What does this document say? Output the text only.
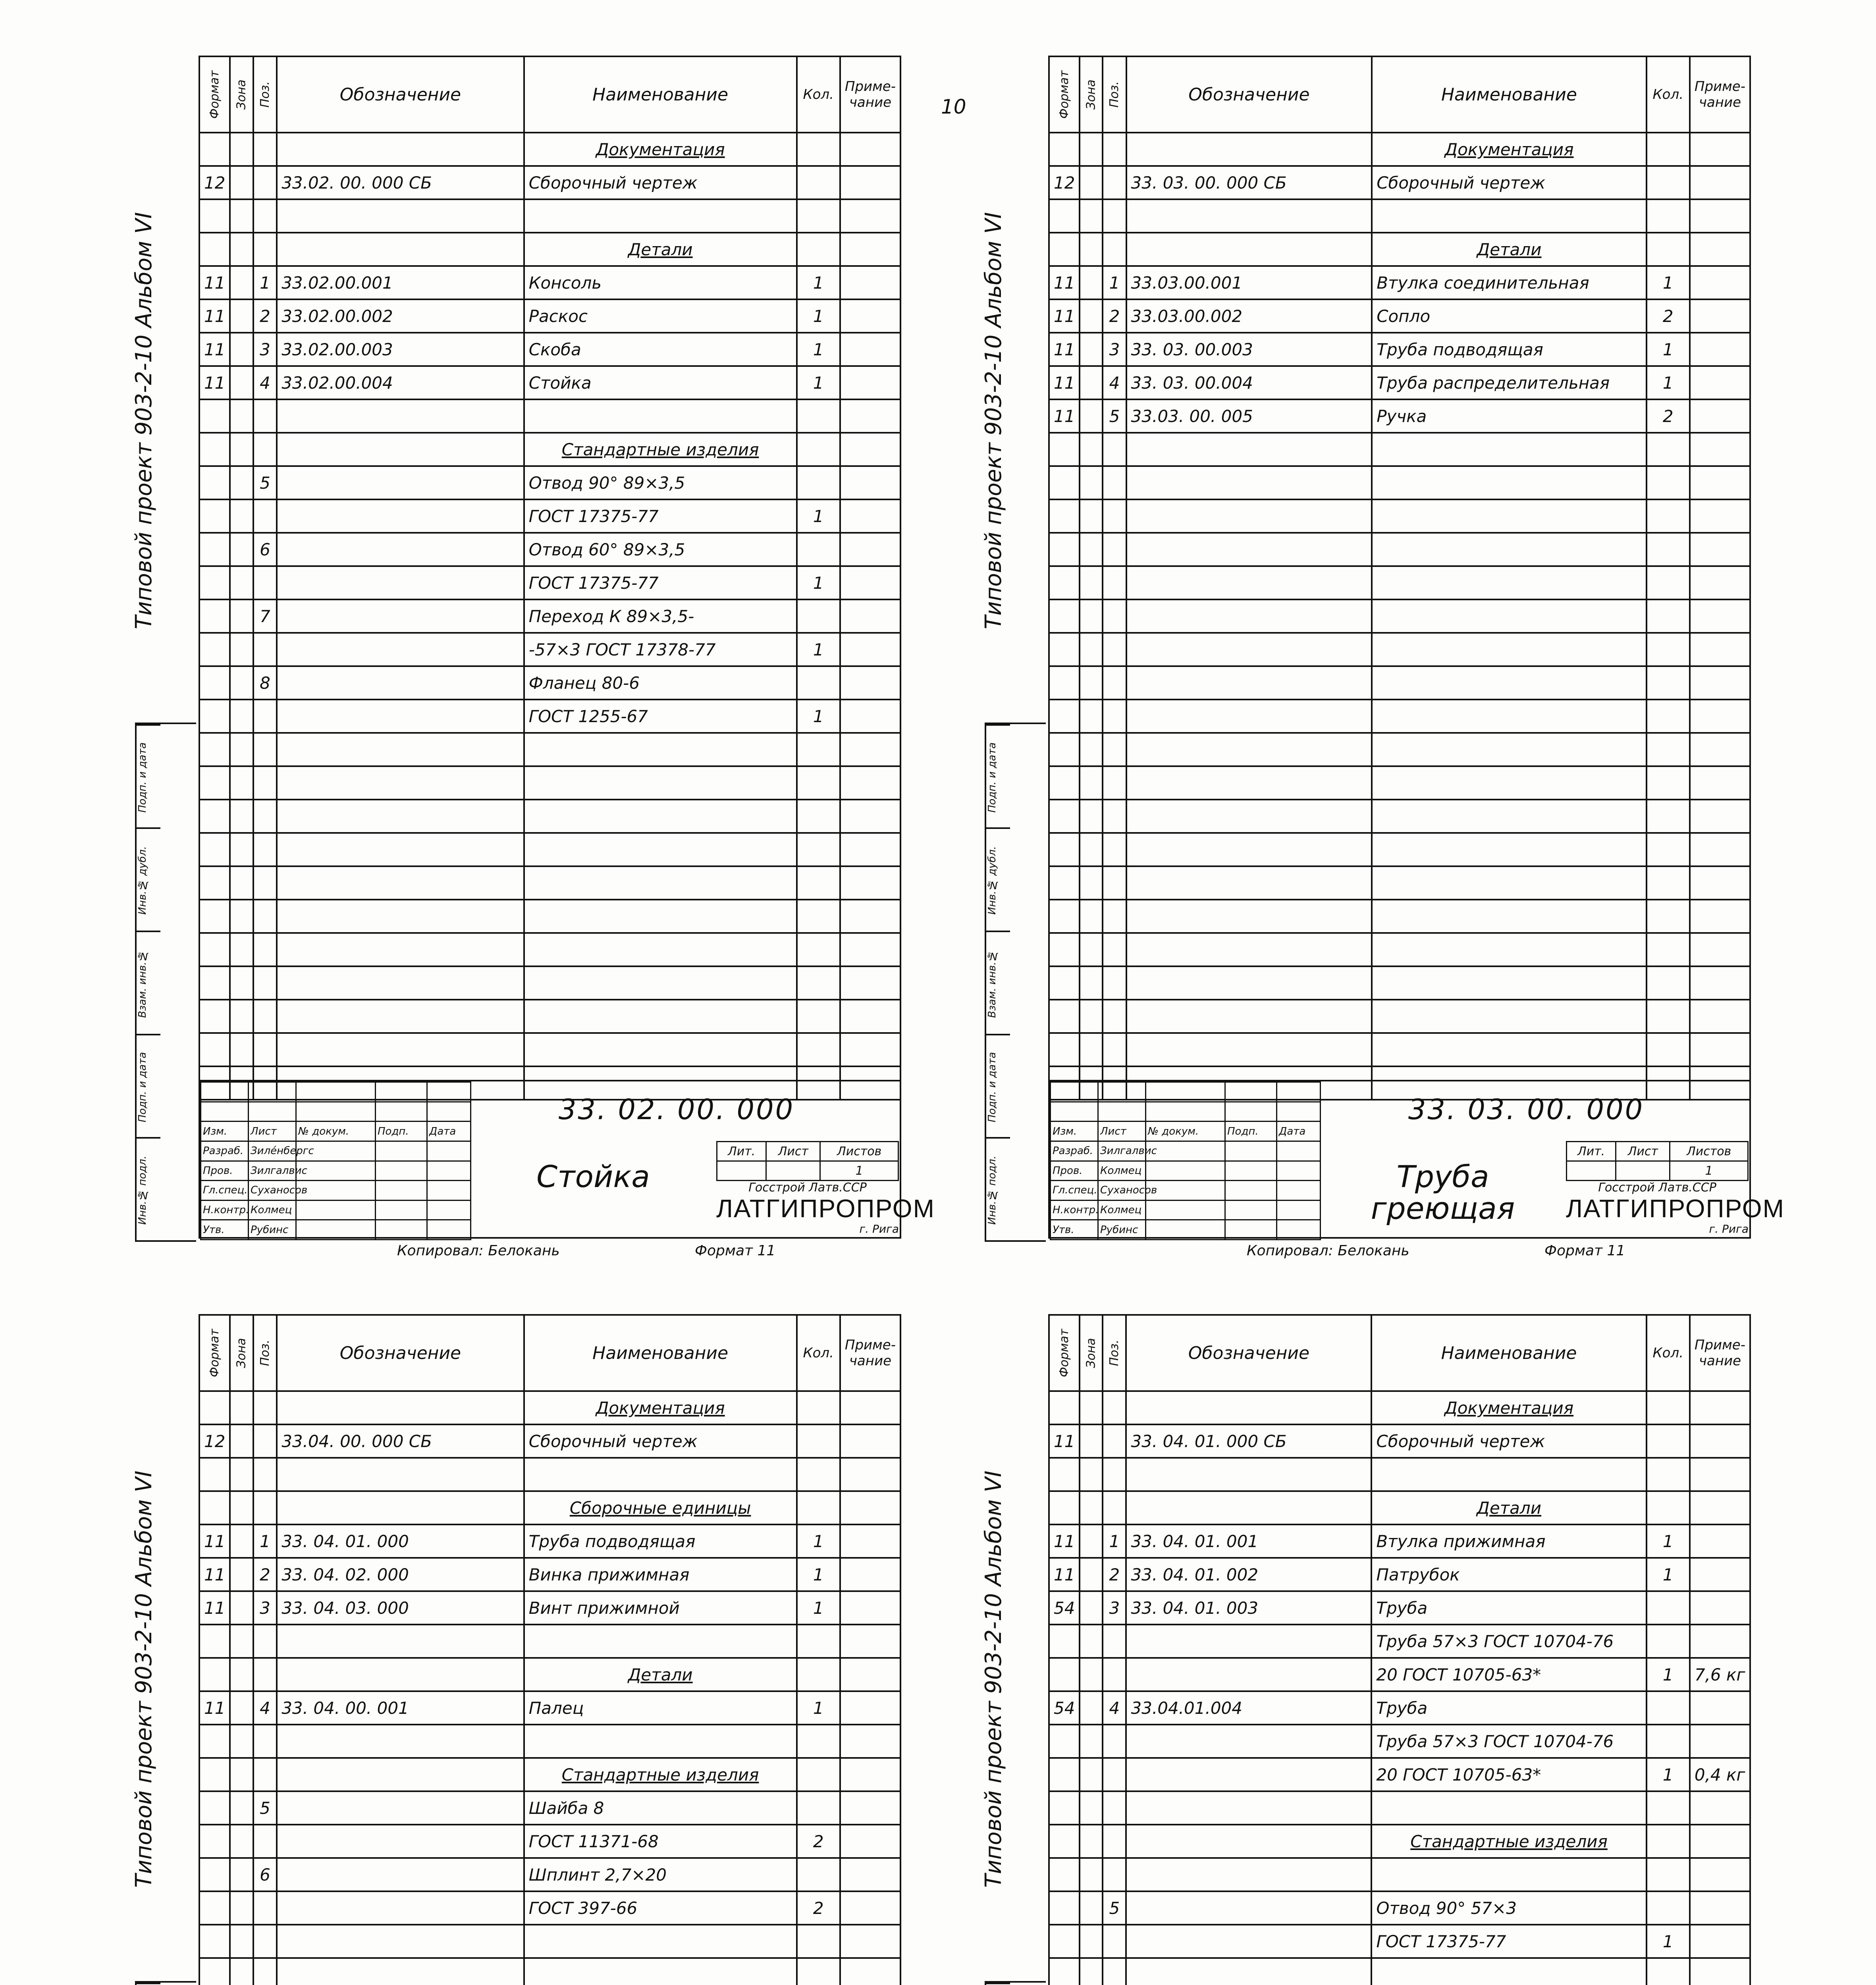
10
Типовой проект 903-2-10 Альбом VI
Подп. и дата
Инв.№ дубл.
Взам. инв.№
Подп. и дата
Инв.№ подл.
Формат	Зона	Поз.	Обозначение	Наименование	Кол.	Приме-чание
				Документация		
12			33.02. 00. 000 СБ	Сборочный чертеж		

				Детали		
11		1	33.02.00.001	Консоль	1	
11		2	33.02.00.002	Раскос	1	
11		3	33.02.00.003	Скоба	1	
11		4	33.02.00.004	Стойка	1	

				Стандартные изделия		
		5		Отвод 90° 89×3,5		
				ГОСТ 17375-77	1	
		6		Отвод 60° 89×3,5		
				ГОСТ 17375-77	1	
		7		Переход К 89×3,5-		
				-57×3 ГОСТ 17378-77	1	
		8		Фланец 80-6		
				ГОСТ 1255-67	1	

Изм.	Лист	№ докум.	Подп.	Дата
Разраб.	Зиле́нбергс			
Пров.	Зилгалвис			
Гл.спец.	Суханосов			
Н.контр.	Колмец			
Утв.	Рубинс			
33. 02. 00. 000
Стойка
Лит.	Лист	Листов
		1
Госстрой Латв.ССР
ЛАТГИПРОПРОМ
г. Рига
Копировал: Белокань	Формат 11
Типовой проект 903-2-10 Альбом VI
Подп. и дата
Инв.№ дубл.
Взам. инв.№
Подп. и дата
Инв.№ подл.
Формат	Зона	Поз.	Обозначение	Наименование	Кол.	Приме-чание
				Документация		
12			33. 03. 00. 000 СБ	Сборочный чертеж		

				Детали		
11		1	33.03.00.001	Втулка соединительная	1	
11		2	33.03.00.002	Сопло	2	
11		3	33. 03. 00.003	Труба подводящая	1	
11		4	33. 03. 00.004	Труба распределительная	1	
11		5	33.03. 00. 005	Ручка	2	

Изм.	Лист	№ докум.	Подп.	Дата
Разраб.	Зилгалвис			
Пров.	Колмец			
Гл.спец.	Суханосов			
Н.контр.	Колмец			
Утв.	Рубинс			
33. 03. 00. 000
Труба греющая
Лит.	Лист	Листов
		1
Госстрой Латв.ССР
ЛАТГИПРОПРОМ
г. Рига
Копировал: Белокань	Формат 11
Типовой проект 903-2-10 Альбом VI
Формат	Зона	Поз.	Обозначение	Наименование	Кол.	Приме-чание
				Документация		
12			33.04. 00. 000 СБ	Сборочный чертеж		

				Сборочные единицы		
11		1	33. 04. 01. 000	Труба подводящая	1	
11		2	33. 04. 02. 000	Винка прижимная	1	
11		3	33. 04. 03. 000	Винт прижимной	1	

				Детали		
11		4	33. 04. 00. 001	Палец	1	

				Стандартные изделия		
		5		Шайба 8		
				ГОСТ 11371-68	2	
		6		Шплинт 2,7×20		
				ГОСТ 397-66	2	

Типовой проект 903-2-10 Альбом VI
Формат	Зона	Поз.	Обозначение	Наименование	Кол.	Приме-чание
				Документация		
11			33. 04. 01. 000 СБ	Сборочный чертеж		

				Детали		
11		1	33. 04. 01. 001	Втулка прижимная	1	
11		2	33. 04. 01. 002	Патрубок	1	
54		3	33. 04. 01. 003	Труба		
				Труба 57×3 ГОСТ 10704-76		
				20 ГОСТ 10705-63*	1	7,6 кг
54		4	33.04.01.004	Труба		
				Труба 57×3 ГОСТ 10704-76		
				20 ГОСТ 10705-63*	1	0,4 кг

				Стандартные изделия		

		5		Отвод 90° 57×3		
				ГОСТ 17375-77	1	
